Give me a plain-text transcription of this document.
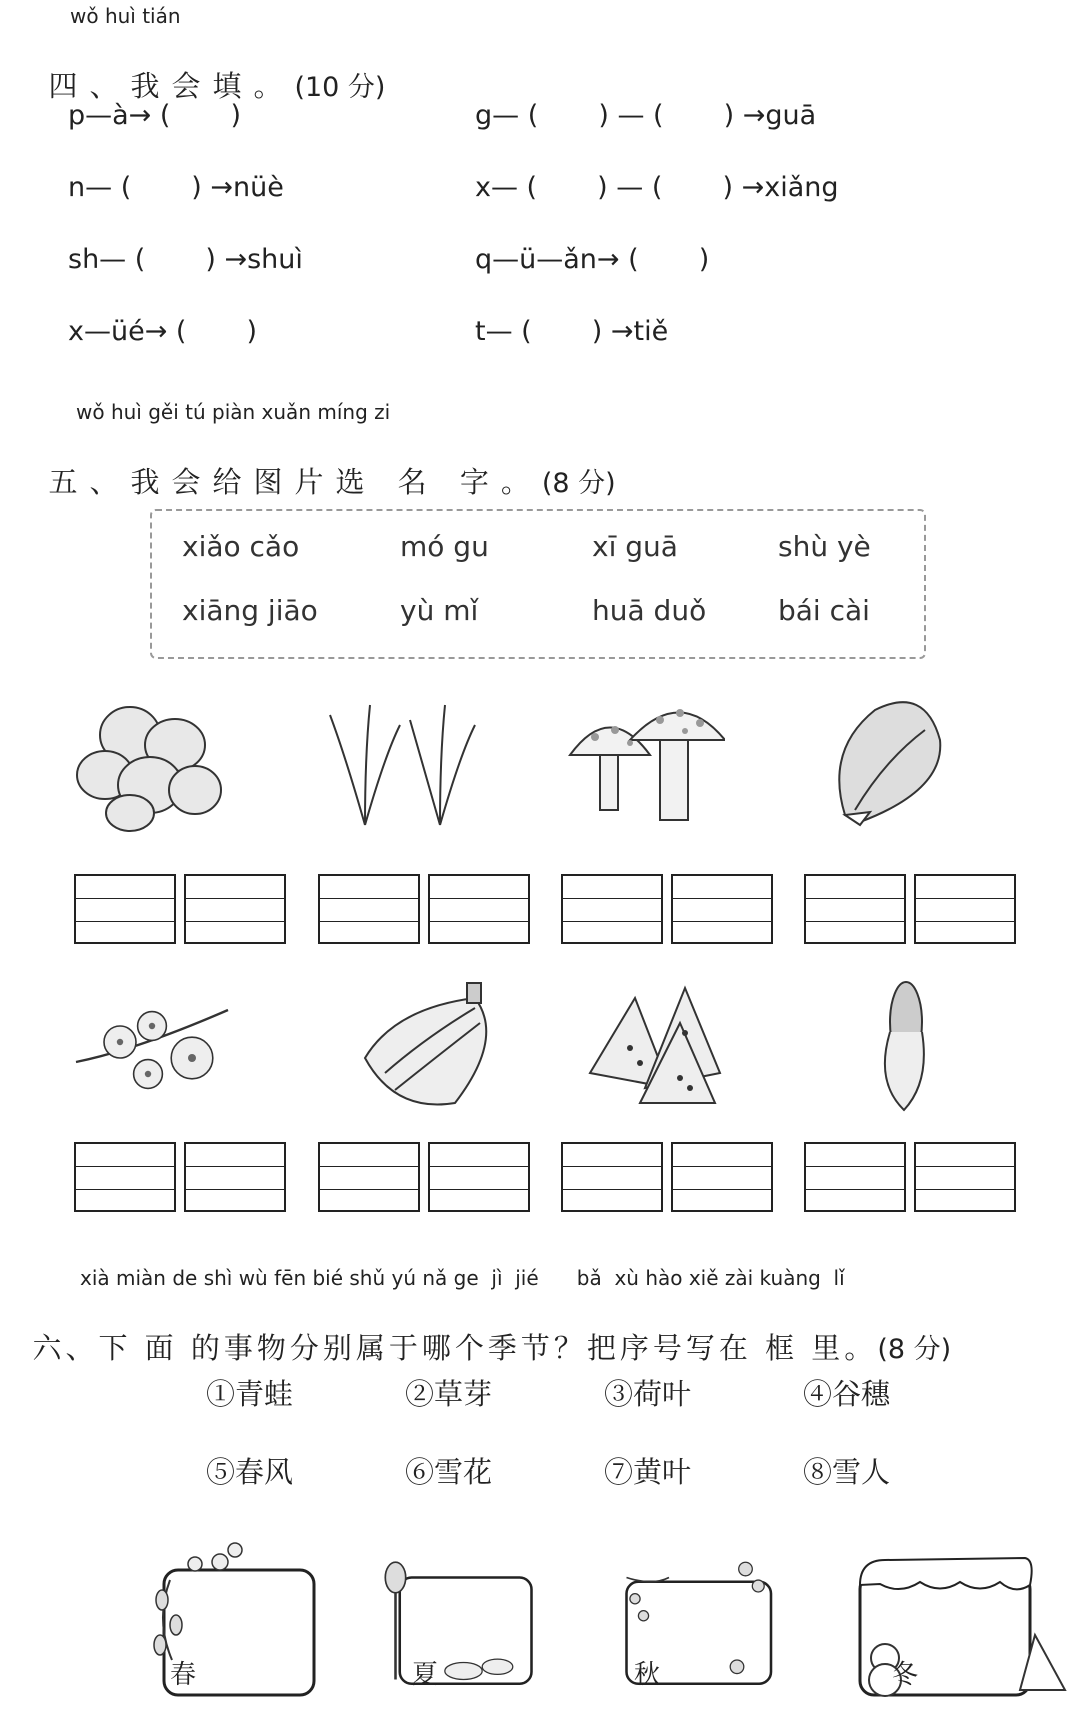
wǒ huì tián

四、我会填。(10 分)

p—à→ (       )	g— (       ) — (       ) →guā
n— (       ) →nüè	x— (       ) — (       ) →xiǎng
sh— (       ) →shuì	q—ü—ǎn→ (       )
x—üé→ (       )	t— (       ) →tiě
wǒ huì gěi tú piàn xuǎn míng zi

五、我会给图片选 名 字。(8 分)

xiǎo cǎo	mó gu	xī guā	shù yè
xiāng jiāo	yù mǐ	huā duǒ	bái cài
xià miàn de shì wù fēn bié shǔ yú nǎ ge  jì  jié      bǎ  xù hào xiě zài kuàng  lǐ

六、下 面 的事物分别属于哪个季节？把序号写在 框 里。(8 分)

①青蛙	②草芽	③荷叶	④谷穗
⑤春风	⑥雪花	⑦黄叶	⑧雪人
春	夏	秋	冬
